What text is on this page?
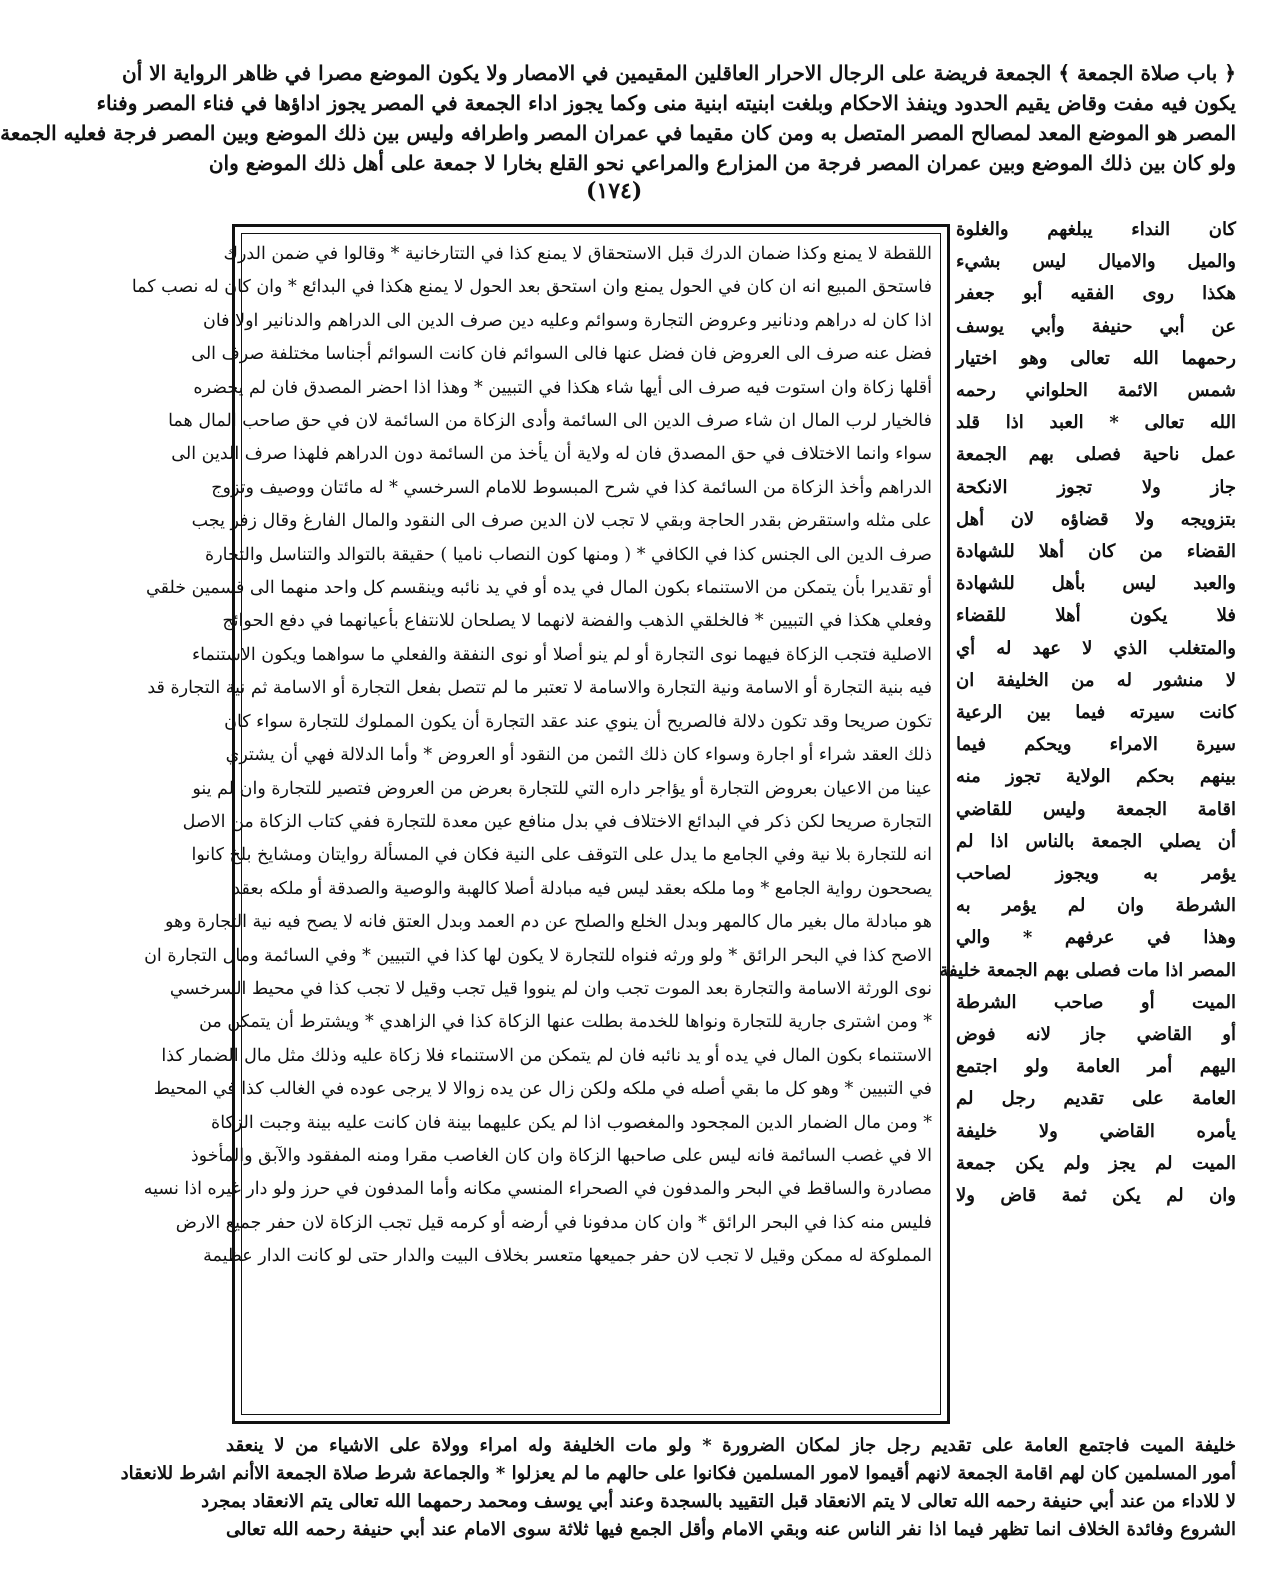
﴿ باب صلاة الجمعة ﴾ الجمعة فريضة على الرجال الاحرار العاقلين المقيمين في الامصار ولا يكون الموضع مصرا في ظاهر الرواية الا أن
يكون فيه مفت وقاض يقيم الحدود وينفذ الاحكام وبلغت ابنيته ابنية منى وكما يجوز اداء الجمعة في المصر يجوز اداؤها في فناء المصر وفناء
المصر هو الموضع المعد لمصالح المصر المتصل به ومن كان مقيما في عمران المصر واطرافه وليس بين ذلك الموضع وبين المصر فرجة فعليه الجمعة
ولو كان بين ذلك الموضع وبين عمران المصر فرجة من المزارع والمراعي نحو القلع بخارا لا جمعة على أهل ذلك الموضع وان
(١٧٤)
كان النداء يبلغهم والغلوة
والميل والاميال ليس بشيء
هكذا روى الفقيه أبو جعفر
عن أبي حنيفة وأبي يوسف
رحمهما الله تعالى وهو اختيار
شمس الائمة الحلواني رحمه
الله تعالى * العبد اذا قلد
عمل ناحية فصلى بهم الجمعة
جاز ولا تجوز الانكحة
بتزويجه ولا قضاؤه لان أهل
القضاء من كان أهلا للشهادة
والعبد ليس بأهل للشهادة
فلا يكون أهلا للقضاء
والمتغلب الذي لا عهد له أي
لا منشور له من الخليفة ان
كانت سيرته فيما بين الرعية
سيرة الامراء ويحكم فيما
بينهم بحكم الولاية تجوز منه
اقامة الجمعة وليس للقاضي
أن يصلي الجمعة بالناس اذا لم
يؤمر به ويجوز لصاحب
الشرطة وان لم يؤمر به
وهذا في عرفهم * والي
المصر اذا مات فصلى بهم الجمعة خليفة
الميت أو صاحب الشرطة
أو القاضي جاز لانه فوض
اليهم أمر العامة ولو اجتمع
العامة على تقديم رجل لم
يأمره القاضي ولا خليفة
الميت لم يجز ولم يكن جمعة
وان لم يكن ثمة قاض ولا
اللقطة لا يمنع وكذا ضمان الدرك قبل الاستحقاق لا يمنع كذا في التتارخانية * وقالوا في ضمن الدرك
فاستحق المبيع انه ان كان في الحول يمنع وان استحق بعد الحول لا يمنع هكذا في البدائع * وان كان له نصب كما
اذا كان له دراهم ودنانير وعروض التجارة وسوائم وعليه دين صرف الدين الى الدراهم والدنانير اولا فان
فضل عنه صرف الى العروض فان فضل عنها فالى السوائم فان كانت السوائم أجناسا مختلفة صرف الى
أقلها زكاة وان استوت فيه صرف الى أيها شاء هكذا في التبيين * وهذا اذا احضر المصدق فان لم يحضره
فالخيار لرب المال ان شاء صرف الدين الى السائمة وأدى الزكاة من السائمة لان في حق صاحب المال هما
سواء وانما الاختلاف في حق المصدق فان له ولاية أن يأخذ من السائمة دون الدراهم فلهذا صرف الدين الى
الدراهم وأخذ الزكاة من السائمة كذا في شرح المبسوط للامام السرخسي * له مائتان ووصيف وتزوج
على مثله واستقرض بقدر الحاجة وبقي لا تجب لان الدين صرف الى النقود والمال الفارغ وقال زفر يجب
صرف الدين الى الجنس كذا في الكافي * ( ومنها كون النصاب ناميا ) حقيقة بالتوالد والتناسل والتجارة
أو تقديرا بأن يتمكن من الاستنماء بكون المال في يده أو في يد نائبه وينقسم كل واحد منهما الى قسمين خلقي
وفعلي هكذا في التبيين * فالخلقي الذهب والفضة لانهما لا يصلحان للانتفاع بأعيانهما في دفع الحوائج
الاصلية فتجب الزكاة فيهما نوى التجارة أو لم ينو أصلا أو نوى النفقة والفعلي ما سواهما ويكون الاستنماء
فيه بنية التجارة أو الاسامة ونية التجارة والاسامة لا تعتبر ما لم تتصل بفعل التجارة أو الاسامة ثم نية التجارة قد
تكون صريحا وقد تكون دلالة فالصريح أن ينوي عند عقد التجارة أن يكون المملوك للتجارة سواء كان
ذلك العقد شراء أو اجارة وسواء كان ذلك الثمن من النقود أو العروض * وأما الدلالة فهي أن يشتري
عينا من الاعيان بعروض التجارة أو يؤاجر داره التي للتجارة بعرض من العروض فتصير للتجارة وان لم ينو
التجارة صريحا لكن ذكر في البدائع الاختلاف في بدل منافع عين معدة للتجارة ففي كتاب الزكاة من الاصل
انه للتجارة بلا نية وفي الجامع ما يدل على التوقف على النية فكان في المسألة روايتان ومشايخ بلخ كانوا
يصححون رواية الجامع * وما ملكه بعقد ليس فيه مبادلة أصلا كالهبة والوصية والصدقة أو ملكه بعقد
هو مبادلة مال بغير مال كالمهر وبدل الخلع والصلح عن دم العمد وبدل العتق فانه لا يصح فيه نية التجارة وهو
الاصح كذا في البحر الرائق * ولو ورثه فنواه للتجارة لا يكون لها كذا في التبيين * وفي السائمة ومال التجارة ان
نوى الورثة الاسامة والتجارة بعد الموت تجب وان لم ينووا قيل تجب وقيل لا تجب كذا في محيط السرخسي
* ومن اشترى جارية للتجارة ونواها للخدمة بطلت عنها الزكاة كذا في الزاهدي * ويشترط أن يتمكن من
الاستنماء بكون المال في يده أو يد نائبه فان لم يتمكن من الاستنماء فلا زكاة عليه وذلك مثل مال الضمار كذا
في التبيين * وهو كل ما بقي أصله في ملكه ولكن زال عن يده زوالا لا يرجى عوده في الغالب كذا في المحيط
* ومن مال الضمار الدين المجحود والمغصوب اذا لم يكن عليهما بينة فان كانت عليه بينة وجبت الزكاة
الا في غصب السائمة فانه ليس على صاحبها الزكاة وان كان الغاصب مقرا ومنه المفقود والآبق والمأخوذ
مصادرة والساقط في البحر والمدفون في الصحراء المنسي مكانه وأما المدفون في حرز ولو دار غيره اذا نسيه
فليس منه كذا في البحر الرائق * وان كان مدفونا في أرضه أو كرمه قيل تجب الزكاة لان حفر جميع الارض
المملوكة له ممكن وقيل لا تجب لان حفر جميعها متعسر بخلاف البيت والدار حتى لو كانت الدار عظيمة
خليفة الميت فاجتمع العامة على تقديم رجل جاز لمكان الضرورة * ولو مات الخليفة وله امراء وولاة على الاشياء من لا ينعقد
أمور المسلمين كان لهم اقامة الجمعة لانهم أقيموا لامور المسلمين فكانوا على حالهم ما لم يعزلوا * والجماعة شرط صلاة الجمعة الاأنم اشرط للانعقاد
لا للاداء من عند أبي حنيفة رحمه الله تعالى لا يتم الانعقاد قبل التقييد بالسجدة وعند أبي يوسف ومحمد رحمهما الله تعالى يتم الانعقاد بمجرد
الشروع وفائدة الخلاف انما تظهر فيما اذا نفر الناس عنه وبقي الامام وأقل الجمع فيها ثلاثة سوى الامام عند أبي حنيفة رحمه الله تعالى
